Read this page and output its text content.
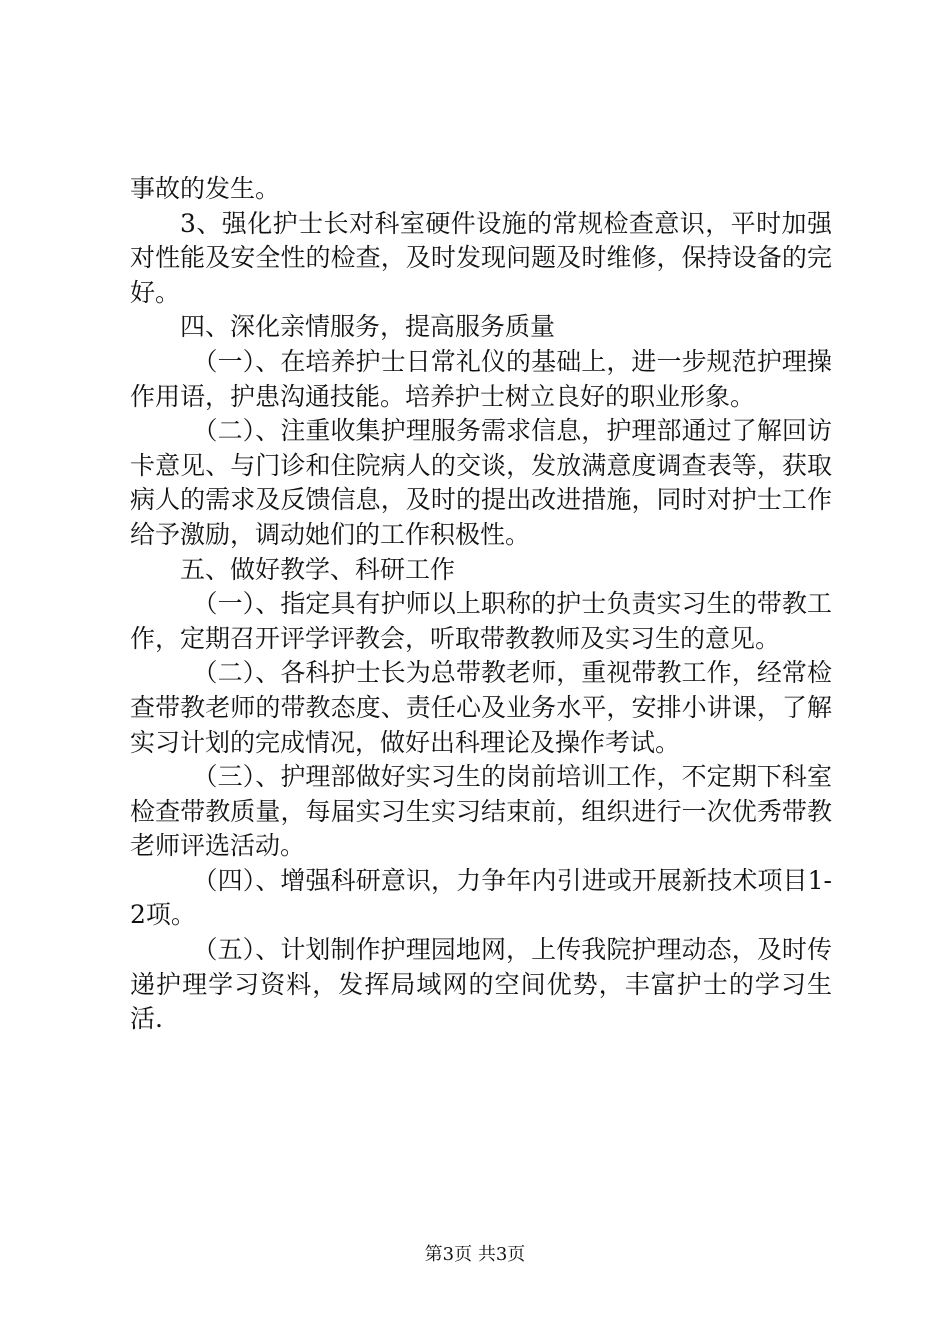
事故的发生。

3、强化护士长对科室硬件设施的常规检查意识，平时加强对性能及安全性的检查，及时发现问题及时维修，保持设备的完好。

四、深化亲情服务，提高服务质量

（一）、在培养护士日常礼仪的基础上，进一步规范护理操作用语，护患沟通技能。培养护士树立良好的职业形象。

（二）、注重收集护理服务需求信息，护理部通过了解回访卡意见、与门诊和住院病人的交谈，发放满意度调查表等，获取病人的需求及反馈信息，及时的提出改进措施，同时对护士工作给予激励，调动她们的工作积极性。

五、做好教学、科研工作

（一）、指定具有护师以上职称的护士负责实习生的带教工作，定期召开评学评教会，听取带教教师及实习生的意见。

（二）、各科护士长为总带教老师，重视带教工作，经常检查带教老师的带教态度、责任心及业务水平，安排小讲课，了解实习计划的完成情况，做好出科理论及操作考试。

（三）、护理部做好实习生的岗前培训工作，不定期下科室检查带教质量，每届实习生实习结束前，组织进行一次优秀带教老师评选活动。

（四）、增强科研意识，力争年内引进或开展新技术项目1-2项。

（五）、计划制作护理园地网，上传我院护理动态，及时传递护理学习资料，发挥局域网的空间优势，丰富护士的学习生活.

第3页 共3页
